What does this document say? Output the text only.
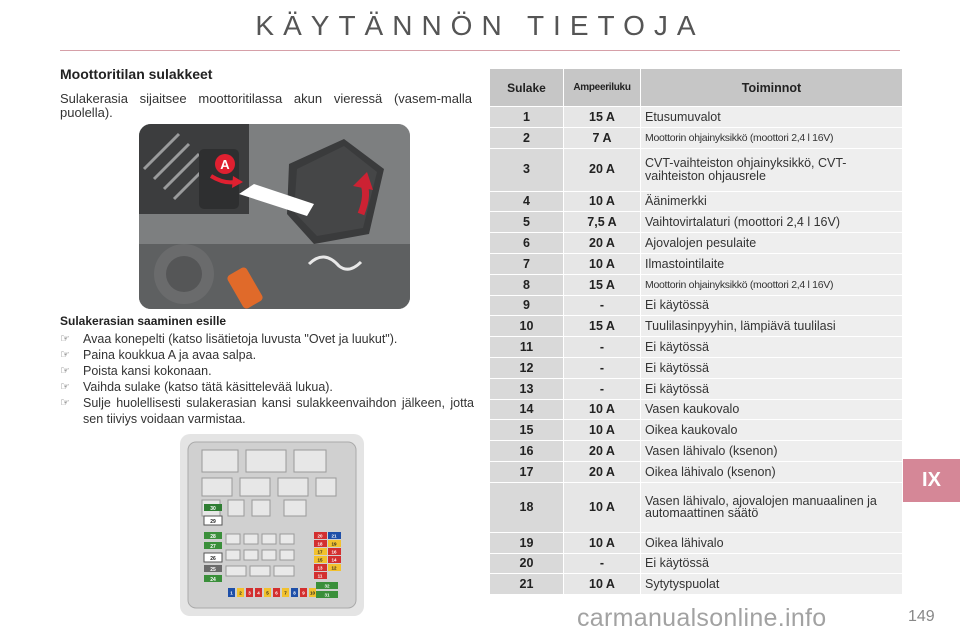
KÄYTÄNNÖN TIETOJA
Moottoritilan sulakkeet

Sulakerasia sijaitsee moottoritilassa akun vieressä (vasem-malla puolella).

A
Sulakerasian saaminen esille
☞ Avaa konepelti (katso lisätietoja luvusta "Ovet ja luukut").
☞ Paina koukkua A ja avaa salpa.
☞ Poista kansi kokonaan.
☞ Vaihda sulake (katso tätä käsittelevää lukua).
☞ Sulje huolellisesti sulakerasian kansi sulakkeenvaihdon jälkeen, jotta sen tiiviys voidaan varmistaa.
30
29
28
27
26
25
24
20 21
18 19
17 16
15 14
13 12
11
32
31
1 2 3 4 5 6 7 8 9 10
Sulake	Ampeeriluku	Toiminnot
1	15 A	Etusumuvalot
2	7 A	Moottorin ohjainyksikkö (moottori 2,4 l 16V)
3	20 A	CVT-vaihteiston ohjainyksikkö, CVT-vaihteiston ohjausrele
4	10 A	Äänimerkki
5	7,5 A	Vaihtovirtalaturi (moottori 2,4 l 16V)
6	20 A	Ajovalojen pesulaite
7	10 A	Ilmastointilaite
8	15 A	Moottorin ohjainyksikkö (moottori 2,4 l 16V)
9	-	Ei käytössä
10	15 A	Tuulilasinpyyhin, lämpiävä tuulilasi
11	-	Ei käytössä
12	-	Ei käytössä
13	-	Ei käytössä
14	10 A	Vasen kaukovalo
15	10 A	Oikea kaukovalo
16	20 A	Vasen lähivalo (ksenon)
17	20 A	Oikea lähivalo (ksenon)
18	10 A	Vasen lähivalo, ajovalojen manuaalinen ja automaattinen säätö
19	10 A	Oikea lähivalo
20	-	Ei käytössä
21	10 A	Sytytyspuolat
IX
carmanualsonline.info	149
